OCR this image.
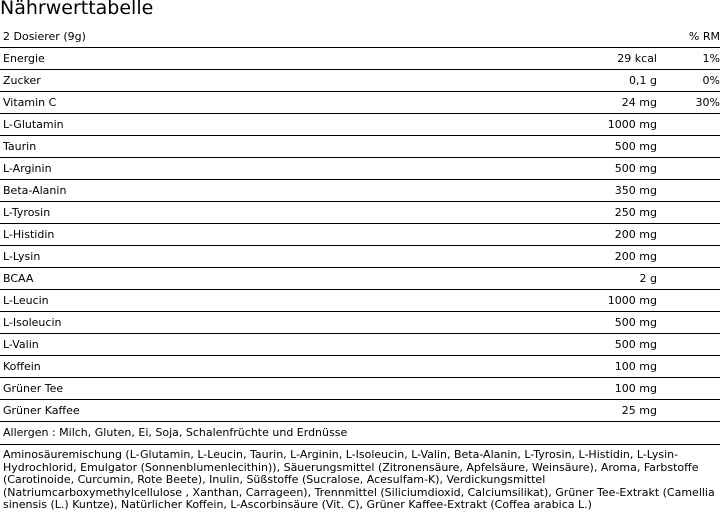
Nährwerttabelle
2 Dosierer (9g)		% RM
Energie	29 kcal	1%
Zucker	0,1 g	0%
Vitamin C	24 mg	30%
L-Glutamin	1000 mg	
Taurin	500 mg	
L-Arginin	500 mg	
Beta-Alanin	350 mg	
L-Tyrosin	250 mg	
L-Histidin	200 mg	
L-Lysin	200 mg	
BCAA	2 g	
L-Leucin	1000 mg	
L-Isoleucin	500 mg	
L-Valin	500 mg	
Koffein	100 mg	
Grüner Tee	100 mg	
Grüner Kaffee	25 mg	
Allergen : Milch, Gluten, Ei, Soja, Schalenfrüchte und Erdnüsse		

Aminosäuremischung (L-Glutamin, L-Leucin, Taurin, L-Arginin, L-Isoleucin, L-Valin, Beta-Alanin, L-Tyrosin, L-Histidin, L-Lysin-Hydrochlorid, Emulgator (Sonnenblumenlecithin)), Säuerungsmittel (Zitronensäure, Apfelsäure, Weinsäure), Aroma, Farbstoffe (Carotinoide, Curcumin, Rote Beete), Inulin, Süßstoffe (Sucralose, Acesulfam-K), Verdickungsmittel (Natriumcarboxymethylcellulose , Xanthan, Carrageen), Trennmittel (Siliciumdioxid, Calciumsilikat), Grüner Tee-Extrakt (Camellia sinensis (L.) Kuntze), Natürlicher Koffein, L-Ascorbinsäure (Vit. C), Grüner Kaffee-Extrakt (Coffea arabica L.)
